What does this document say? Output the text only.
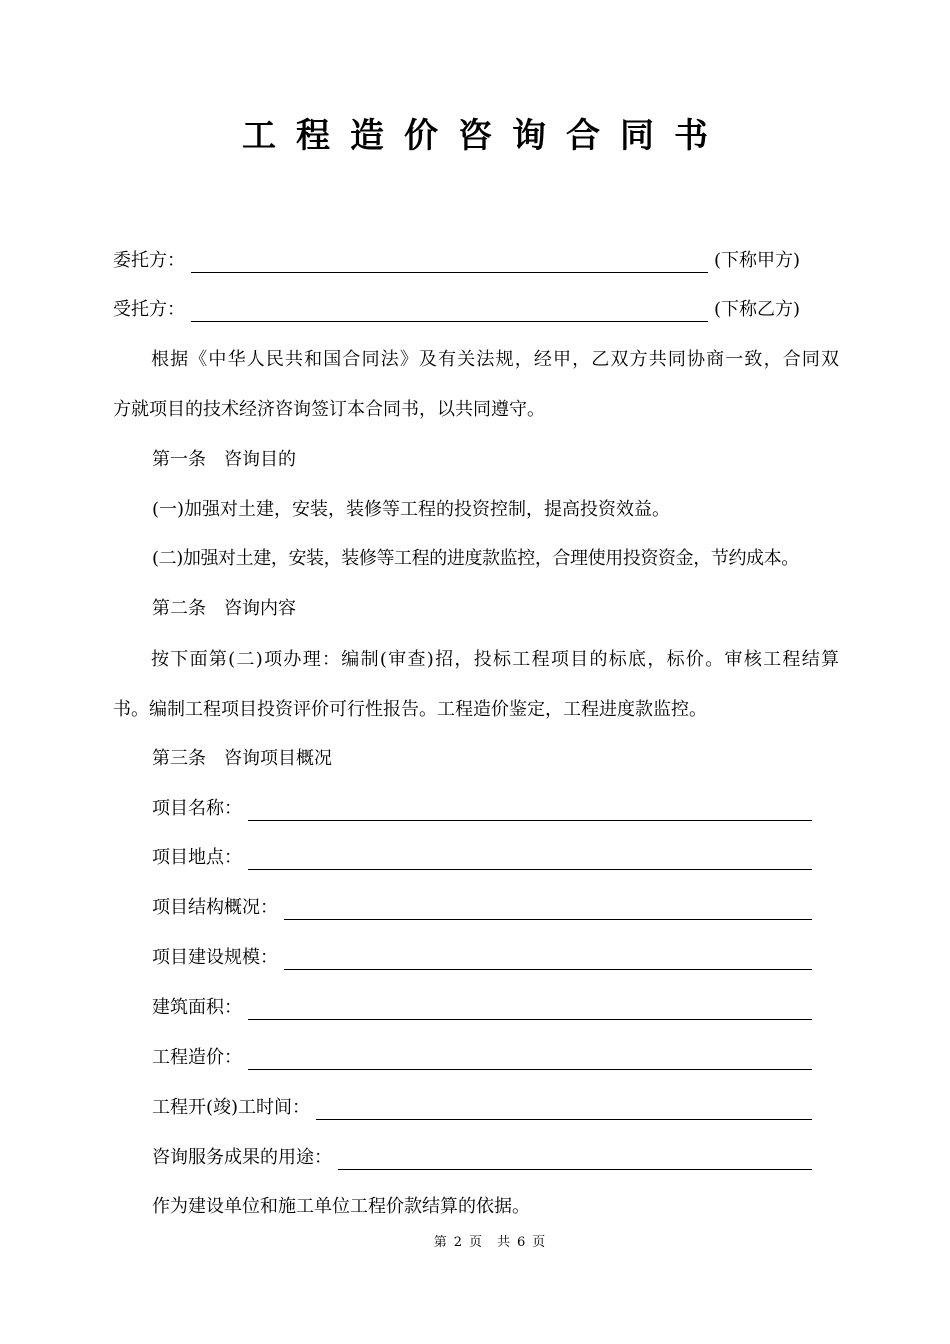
工程造价咨询合同书
委托方：	(下称甲方)
受托方：	(下称乙方)
根据《中华人民共和国合同法》及有关法规，经甲，乙双方共同协商一致，合同双
方就项目的技术经济咨询签订本合同书，以共同遵守。
第一条　咨询目的
(一)加强对土建，安装，装修等工程的投资控制，提高投资效益。
(二)加强对土建，安装，装修等工程的进度款监控，合理使用投资资金，节约成本。
第二条　咨询内容
按下面第(二)项办理：编制(审查)招，投标工程项目的标底，标价。审核工程结算
书。编制工程项目投资评价可行性报告。工程造价鉴定，工程进度款监控。
第三条　咨询项目概况
项目名称：
项目地点：
项目结构概况：
项目建设规模：
建筑面积：
工程造价：
工程开(竣)工时间：
咨询服务成果的用途：
作为建设单位和施工单位工程价款结算的依据。
第 2 页　共 6 页
